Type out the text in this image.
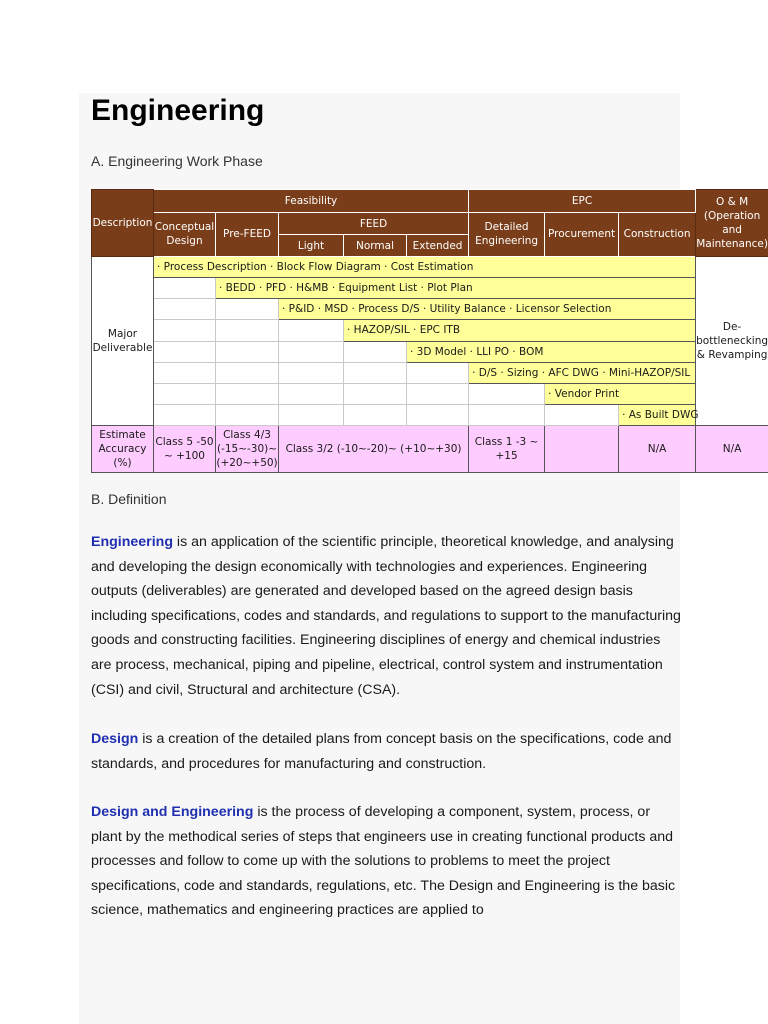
Engineering
A. Engineering Work Phase
Description	Feasibility					EPC			O & M (Operation and Maintenance)
	Conceptual Design	Pre-FEED	FEED			Detailed Engineering	Procurement	Construction	
			Light	Normal	Extended				
Major Deliverable	· Process Description · Block Flow Diagram · Cost Estimation								De-bottlenecking & Revamping
		· BEDD · PFD · H&MB · Equipment List · Plot Plan							
			· P&ID · MSD · Process D/S · Utility Balance · Licensor Selection						
				· HAZOP/SIL · EPC ITB					
					· 3D Model · LLI PO · BOM				
						· D/S · Sizing · AFC DWG · Mini-HAZOP/SIL			
							· Vendor Print		
								· As Built DWG	
Estimate Accuracy (%)	Class 5 -50 ~ +100	Class 4/3 (-15~-30)~ (+20~+50)	Class 3/2 (-10~-20)~ (+10~+30)			Class 1 -3 ~ +15		N/A	N/A
B. Definition

Engineering is an application of the scientific principle, theoretical knowledge, and analysing and developing the design economically with technologies and experiences. Engineering outputs (deliverables) are generated and developed based on the agreed design basis including specifications, codes and standards, and regulations to support to the manufacturing goods and constructing facilities. Engineering disciplines of energy and chemical industries are process, mechanical, piping and pipeline, electrical, control system and instrumentation (CSI) and civil, Structural and architecture (CSA).

Design is a creation of the detailed plans from concept basis on the specifications, code and standards, and procedures for manufacturing and construction.

Design and Engineering is the process of developing a component, system, process, or plant by the methodical series of steps that engineers use in creating functional products and processes and follow to come up with the solutions to problems to meet the project specifications, code and standards, regulations, etc. The Design and Engineering is the basic science, mathematics and engineering practices are applied to
